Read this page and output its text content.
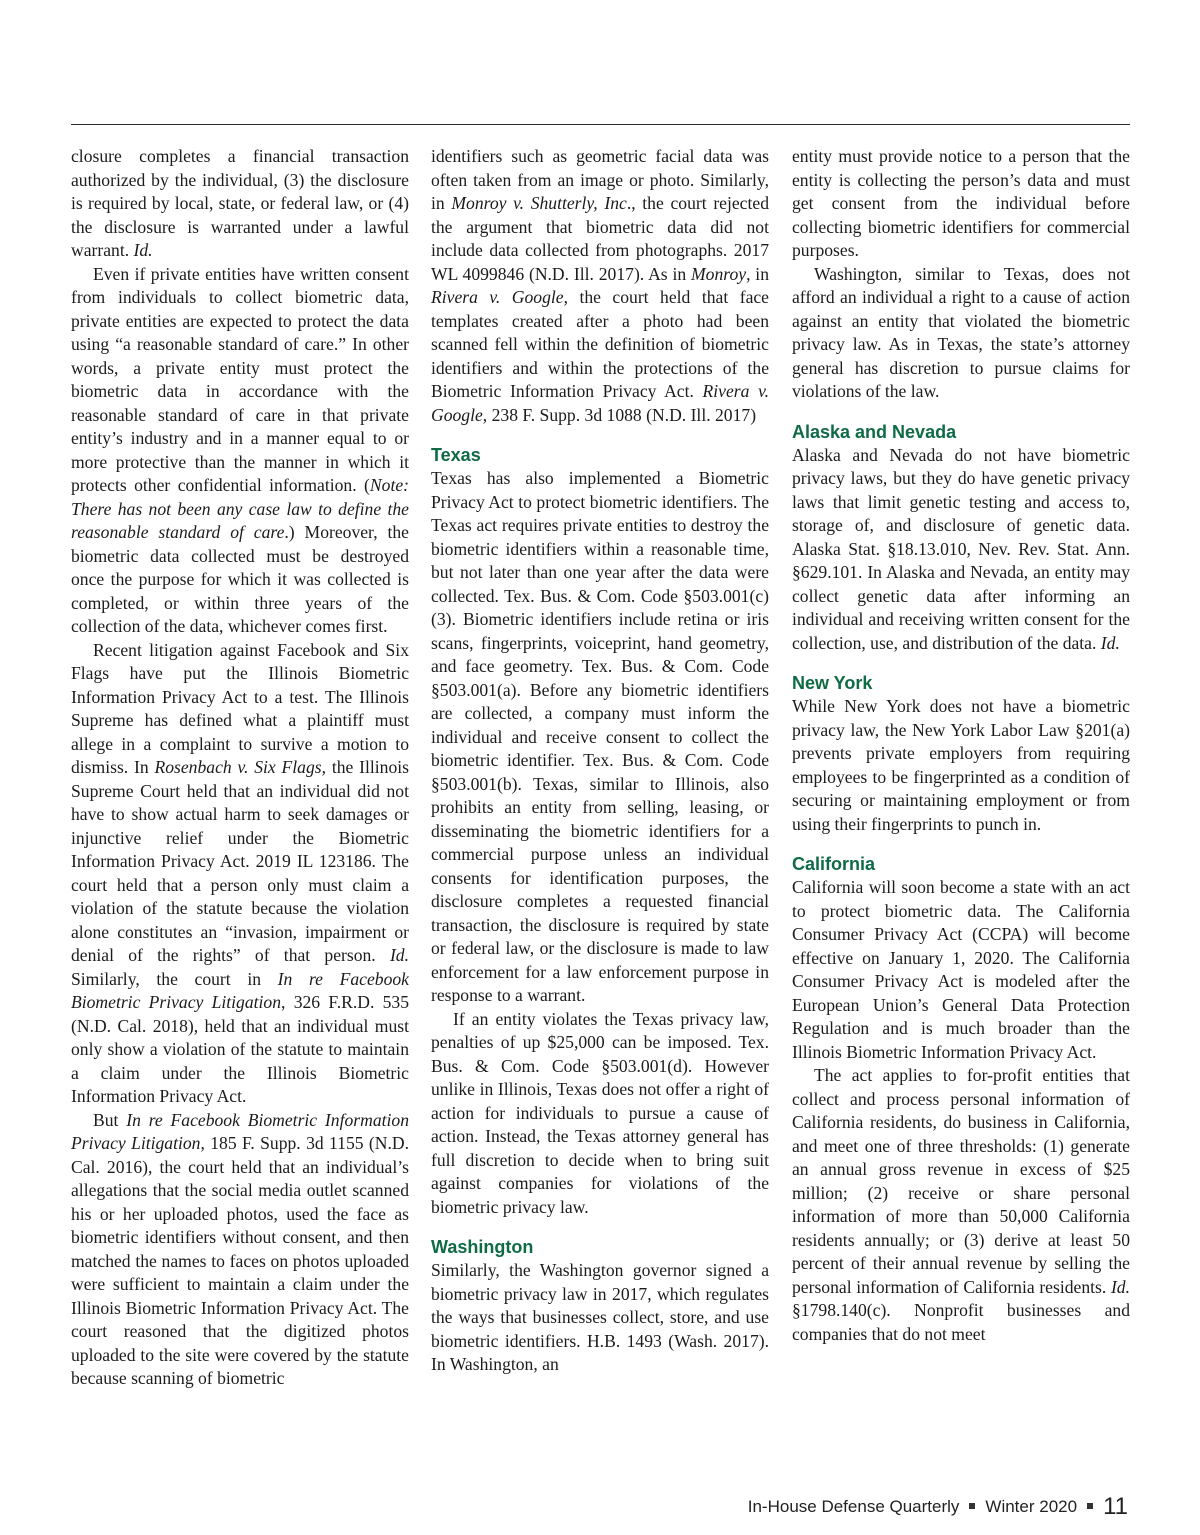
closure completes a financial transaction authorized by the individual, (3) the disclosure is required by local, state, or federal law, or (4) the disclosure is warranted under a lawful warrant. Id.

Even if private entities have written consent from individuals to collect biometric data, private entities are expected to protect the data using “a reasonable standard of care.” In other words, a private entity must protect the biometric data in accordance with the reasonable standard of care in that private entity’s industry and in a manner equal to or more protective than the manner in which it protects other confidential information. (Note: There has not been any case law to define the reasonable standard of care.) Moreover, the biometric data collected must be destroyed once the purpose for which it was collected is completed, or within three years of the collection of the data, whichever comes first.

Recent litigation against Facebook and Six Flags have put the Illinois Biometric Information Privacy Act to a test. The Illinois Supreme has defined what a plaintiff must allege in a complaint to survive a motion to dismiss. In Rosenbach v. Six Flags, the Illinois Supreme Court held that an individual did not have to show actual harm to seek damages or injunctive relief under the Biometric Information Privacy Act. 2019 IL 123186. The court held that a person only must claim a violation of the statute because the violation alone constitutes an “invasion, impairment or denial of the rights” of that person. Id. Similarly, the court in In re Facebook Biometric Privacy Litigation, 326 F.R.D. 535 (N.D. Cal. 2018), held that an individual must only show a violation of the statute to maintain a claim under the Illinois Biometric Information Privacy Act.

But In re Facebook Biometric Information Privacy Litigation, 185 F. Supp. 3d 1155 (N.D. Cal. 2016), the court held that an individual’s allegations that the social media outlet scanned his or her uploaded photos, used the face as biometric identifiers without consent, and then matched the names to faces on photos uploaded were sufficient to maintain a claim under the Illinois Biometric Information Privacy Act. The court reasoned that the digitized photos uploaded to the site were covered by the statute because scanning of biometric

identifiers such as geometric facial data was often taken from an image or photo. Similarly, in Monroy v. Shutterly, Inc., the court rejected the argument that biometric data did not include data collected from photographs. 2017 WL 4099846 (N.D. Ill. 2017). As in Monroy, in Rivera v. Google, the court held that face templates created after a photo had been scanned fell within the definition of biometric identifiers and within the protections of the Biometric Information Privacy Act. Rivera v. Google, 238 F. Supp. 3d 1088 (N.D. Ill. 2017)

Texas

Texas has also implemented a Biometric Privacy Act to protect biometric identifiers. The Texas act requires private entities to destroy the biometric identifiers within a reasonable time, but not later than one year after the data were collected. Tex. Bus. & Com. Code §503.001(c)(3). Biometric identifiers include retina or iris scans, fingerprints, voiceprint, hand geometry, and face geometry. Tex. Bus. & Com. Code §503.001(a). Before any biometric identifiers are collected, a company must inform the individual and receive consent to collect the biometric identifier. Tex. Bus. & Com. Code §503.001(b). Texas, similar to Illinois, also prohibits an entity from selling, leasing, or disseminating the biometric identifiers for a commercial purpose unless an individual consents for identification purposes, the disclosure completes a requested financial transaction, the disclosure is required by state or federal law, or the disclosure is made to law enforcement for a law enforcement purpose in response to a warrant.

If an entity violates the Texas privacy law, penalties of up $25,000 can be imposed. Tex. Bus. & Com. Code §503.001(d). However unlike in Illinois, Texas does not offer a right of action for individuals to pursue a cause of action. Instead, the Texas attorney general has full discretion to decide when to bring suit against companies for violations of the biometric privacy law.

Washington

Similarly, the Washington governor signed a biometric privacy law in 2017, which regulates the ways that businesses collect, store, and use biometric identifiers. H.B. 1493 (Wash. 2017). In Washington, an

entity must provide notice to a person that the entity is collecting the person’s data and must get consent from the individual before collecting biometric identifiers for commercial purposes.

Washington, similar to Texas, does not afford an individual a right to a cause of action against an entity that violated the biometric privacy law. As in Texas, the state’s attorney general has discretion to pursue claims for violations of the law.

Alaska and Nevada

Alaska and Nevada do not have biometric privacy laws, but they do have genetic privacy laws that limit genetic testing and access to, storage of, and disclosure of genetic data. Alaska Stat. §18.13.010, Nev. Rev. Stat. Ann. §629.101. In Alaska and Nevada, an entity may collect genetic data after informing an individual and receiving written consent for the collection, use, and distribution of the data. Id.

New York

While New York does not have a biometric privacy law, the New York Labor Law §201(a) prevents private employers from requiring employees to be fingerprinted as a condition of securing or maintaining employment or from using their fingerprints to punch in.

California

California will soon become a state with an act to protect biometric data. The California Consumer Privacy Act (CCPA) will become effective on January 1, 2020. The California Consumer Privacy Act is modeled after the European Union’s General Data Protection Regulation and is much broader than the Illinois Biometric Information Privacy Act.

The act applies to for-profit entities that collect and process personal information of California residents, do business in California, and meet one of three thresholds: (1) generate an annual gross revenue in excess of $25 million; (2) receive or share personal information of more than 50,000 California residents annually; or (3) derive at least 50 percent of their annual revenue by selling the personal information of California residents. Id. §1798.140(c). Nonprofit businesses and companies that do not meet

In-House Defense Quarterly Winter 2020 11
